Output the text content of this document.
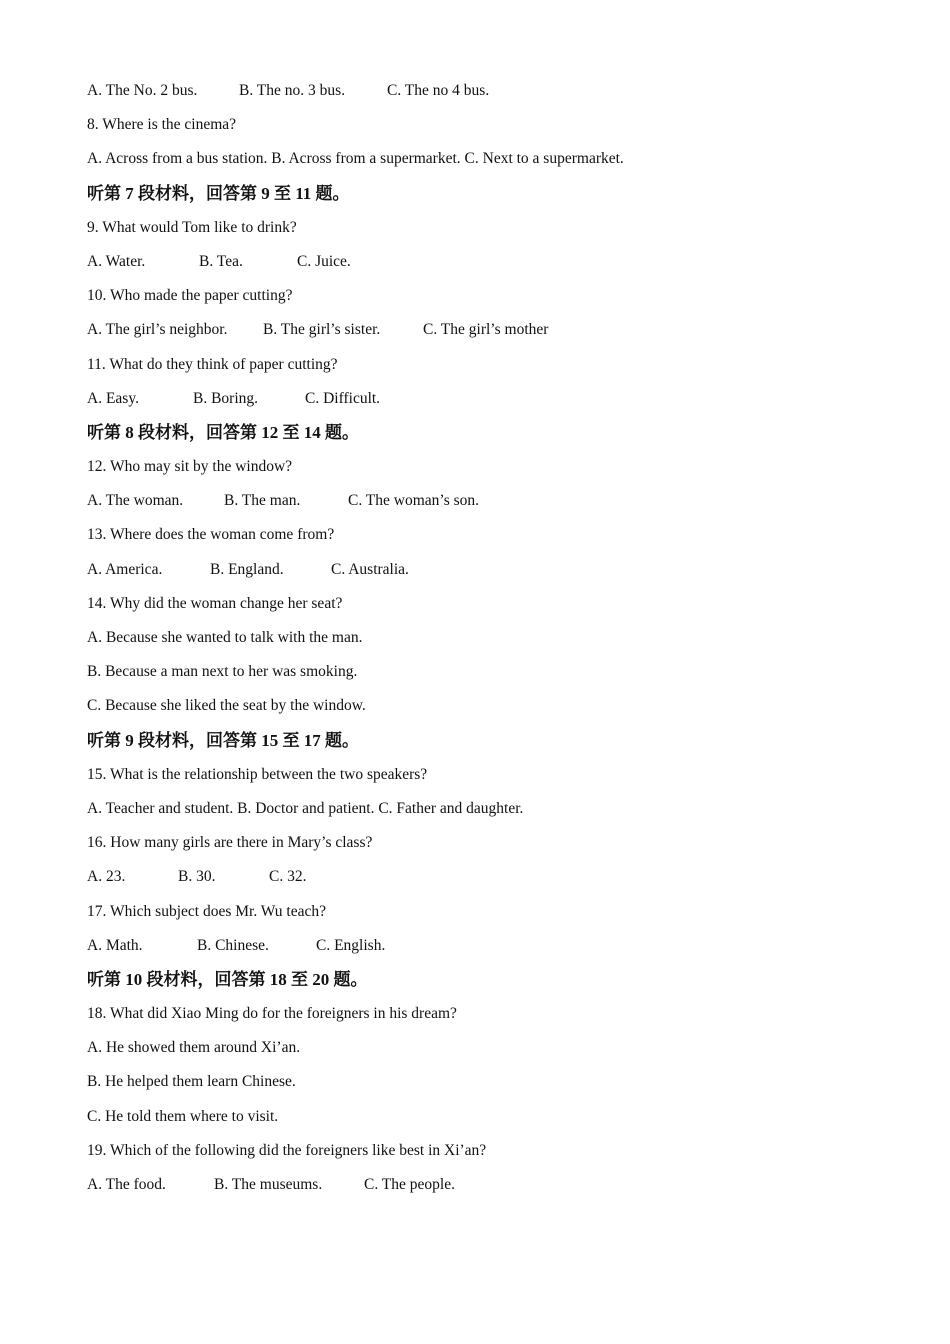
A. The No. 2 bus.	B. The no. 3 bus.	C. The no 4 bus.
8. Where is the cinema?
A. Across from a bus station. B. Across from a supermarket. C. Next to a supermarket.
听第 7 段材料，回答第 9 至 11 题。
9. What would Tom like to drink?
A. Water.	B. Tea.	C. Juice.
10. Who made the paper cutting?
A. The girl’s neighbor. B. The girl’s sister.	C. The girl’s mother
11. What do they think of paper cutting?
A. Easy.	B. Boring.	C. Difficult.
听第 8 段材料，回答第 12 至 14 题。
12. Who may sit by the window?
A. The woman.	B. The man.	C. The woman’s son.
13. Where does the woman come from?
A. America.	B. England.	C. Australia.
14. Why did the woman change her seat?
A. Because she wanted to talk with the man.
B. Because a man next to her was smoking.
C. Because she liked the seat by the window.
听第 9 段材料，回答第 15 至 17 题。
15. What is the relationship between the two speakers?
A. Teacher and student. B. Doctor and patient. C. Father and daughter.
16. How many girls are there in Mary’s class?
A. 23.	B. 30.	C. 32.
17. Which subject does Mr. Wu teach?
A. Math.	B. Chinese.	C. English.
听第 10 段材料，回答第 18 至 20 题。
18. What did Xiao Ming do for the foreigners in his dream?
A. He showed them around Xi’an.
B. He helped them learn Chinese.
C. He told them where to visit.
19. Which of the following did the foreigners like best in Xi’an?
A. The food.	B. The museums.	C. The people.
